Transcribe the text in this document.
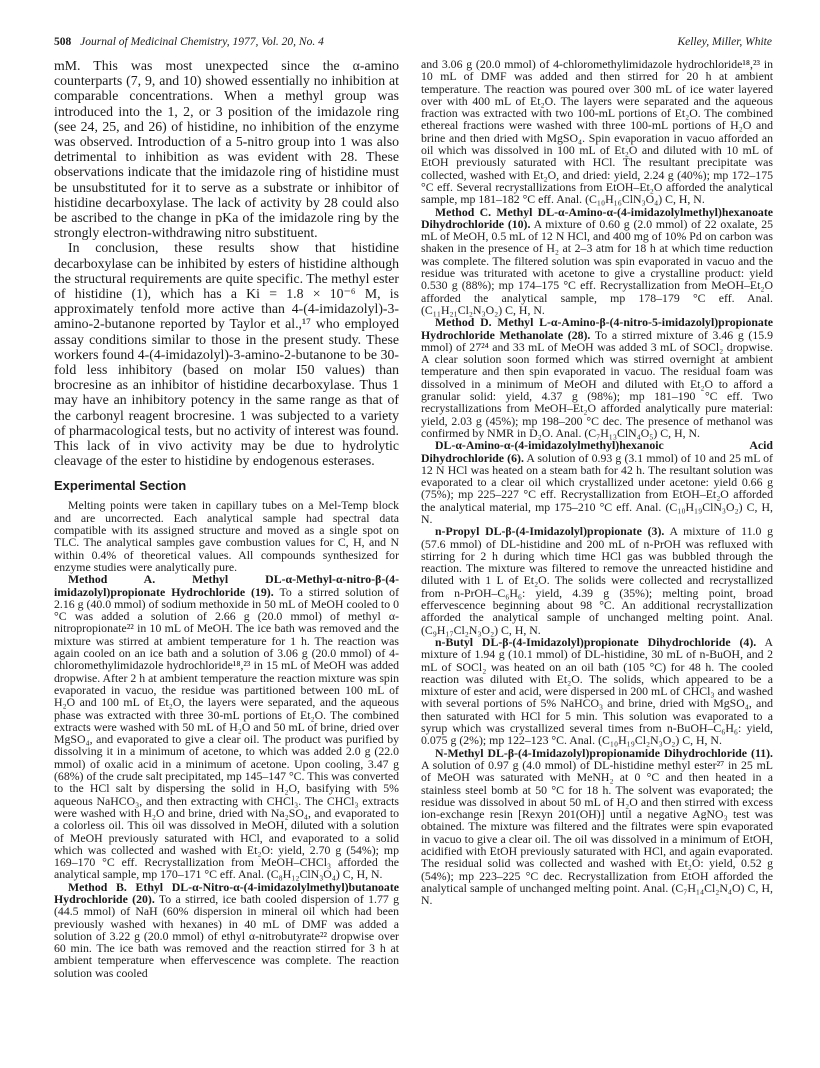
508 Journal of Medicinal Chemistry, 1977, Vol. 20, No. 4	Kelley, Miller, White

mM. This was most unexpected since the α-amino counterparts (7, 9, and 10) showed essentially no inhibition at comparable concentrations. When a methyl group was introduced into the 1, 2, or 3 position of the imidazole ring (see 24, 25, and 26) of histidine, no inhibition of the enzyme was observed. Introduction of a 5-nitro group into 1 was also detrimental to inhibition as was evident with 28. These observations indicate that the imidazole ring of histidine must be unsubstituted for it to serve as a substrate or inhibitor of histidine decarboxylase. The lack of activity by 28 could also be ascribed to the change in pKa of the imidazole ring by the strongly electron-withdrawing nitro substituent.

In conclusion, these results show that histidine decarboxylase can be inhibited by esters of histidine although the structural requirements are quite specific. The methyl ester of histidine (1), which has a Ki = 1.8 × 10⁻⁶ M, is approximately tenfold more active than 4-(4-imidazolyl)-3-amino-2-butanone reported by Taylor et al.,¹⁷ who employed assay conditions similar to those in the present study. These workers found 4-(4-imidazolyl)-3-amino-2-butanone to be 30-fold less inhibitory (based on molar I50 values) than brocresine as an inhibitor of histidine decarboxylase. Thus 1 may have an inhibitory potency in the same range as that of the carbonyl reagent brocresine. 1 was subjected to a variety of pharmacological tests, but no activity of interest was found. This lack of in vivo activity may be due to hydrolytic cleavage of the ester to histidine by endogenous esterases.

Experimental Section

Melting points were taken in capillary tubes on a Mel-Temp block and are uncorrected. Each analytical sample had spectral data compatible with its assigned structure and moved as a single spot on TLC. The analytical samples gave combustion values for C, H, and N within 0.4% of theoretical values. All compounds synthesized for enzyme studies were analytically pure.

Method A. Methyl DL-α-Methyl-α-nitro-β-(4-imidazolyl)propionate Hydrochloride (19). To a stirred solution of 2.16 g (40.0 mmol) of sodium methoxide in 50 mL of MeOH cooled to 0 °C was added a solution of 2.66 g (20.0 mmol) of methyl α-nitropropionate²² in 10 mL of MeOH. The ice bath was removed and the mixture was stirred at ambient temperature for 1 h. The reaction was again cooled on an ice bath and a solution of 3.06 g (20.0 mmol) of 4-chloromethylimidazole hydrochloride¹⁸,²³ in 15 mL of MeOH was added dropwise. After 2 h at ambient temperature the reaction mixture was spin evaporated in vacuo, the residue was partitioned between 100 mL of H₂O and 100 mL of Et₂O, the layers were separated, and the aqueous phase was extracted with three 30-mL portions of Et₂O. The combined extracts were washed with 50 mL of H₂O and 50 mL of brine, dried over MgSO₄, and evaporated to give a clear oil. The product was purified by dissolving it in a minimum of acetone, to which was added 2.0 g (22.0 mmol) of oxalic acid in a minimum of acetone. Upon cooling, 3.47 g (68%) of the crude salt precipitated, mp 145–147 °C. This was converted to the HCl salt by dispersing the solid in H₂O, basifying with 5% aqueous NaHCO₃, and then extracting with CHCl₃. The CHCl₃ extracts were washed with H₂O and brine, dried with Na₂SO₄, and evaporated to a colorless oil. This oil was dissolved in MeOH, diluted with a solution of MeOH previously saturated with HCl, and evaporated to a solid which was collected and washed with Et₂O: yield, 2.70 g (54%); mp 169–170 °C eff. Recrystallization from MeOH–CHCl₃ afforded the analytical sample, mp 170–171 °C eff. Anal. (C₈H₁₂ClN₃O₄) C, H, N.

Method B. Ethyl DL-α-Nitro-α-(4-imidazolylmethyl)butanoate Hydrochloride (20). To a stirred, ice bath cooled dispersion of 1.77 g (44.5 mmol) of NaH (60% dispersion in mineral oil which had been previously washed with hexanes) in 40 mL of DMF was added a solution of 3.22 g (20.0 mmol) of ethyl α-nitrobutyrate²² dropwise over 60 min. The ice bath was removed and the reaction stirred for 3 h at ambient temperature when effervescence was complete. The reaction solution was cooled

and 3.06 g (20.0 mmol) of 4-chloromethylimidazole hydrochloride¹⁸,²³ in 10 mL of DMF was added and then stirred for 20 h at ambient temperature. The reaction was poured over 300 mL of ice water layered over with 400 mL of Et₂O. The layers were separated and the aqueous fraction was extracted with two 100-mL portions of Et₂O. The combined ethereal fractions were washed with three 100-mL portions of H₂O and brine and then dried with MgSO₄. Spin evaporation in vacuo afforded an oil which was dissolved in 100 mL of Et₂O and diluted with 10 mL of EtOH previously saturated with HCl. The resultant precipitate was collected, washed with Et₂O, and dried: yield, 2.24 g (40%); mp 172–175 °C eff. Several recrystallizations from EtOH–Et₂O afforded the analytical sample, mp 181–182 °C eff. Anal. (C₁₀H₁₆ClN₃O₄) C, H, N.

Method C. Methyl DL-α-Amino-α-(4-imidazolylmethyl)hexanoate Dihydrochloride (10). A mixture of 0.60 g (2.0 mmol) of 22 oxalate, 25 mL of MeOH, 0.5 mL of 12 N HCl, and 400 mg of 10% Pd on carbon was shaken in the presence of H₂ at 2–3 atm for 18 h at which time reduction was complete. The filtered solution was spin evaporated in vacuo and the residue was triturated with acetone to give a crystalline product: yield 0.530 g (88%); mp 174–175 °C eff. Recrystallization from MeOH–Et₂O afforded the analytical sample, mp 178–179 °C eff. Anal. (C₁₁H₂₁Cl₂N₃O₂) C, H, N.

Method D. Methyl L-α-Amino-β-(4-nitro-5-imidazolyl)propionate Hydrochloride Methanolate (28). To a stirred mixture of 3.46 g (15.9 mmol) of 27²⁴ and 33 mL of MeOH was added 3 mL of SOCl₂ dropwise. A clear solution soon formed which was stirred overnight at ambient temperature and then spin evaporated in vacuo. The residual foam was dissolved in a minimum of MeOH and diluted with Et₂O to afford a granular solid: yield, 4.37 g (98%); mp 181–190 °C eff. Two recrystallizations from MeOH–Et₂O afforded analytically pure material: yield, 2.03 g (45%); mp 198–200 °C dec. The presence of methanol was confirmed by NMR in D₂O. Anal. (C₇H₁₃ClN₄O₅) C, H, N.

DL-α-Amino-α-(4-imidazolylmethyl)hexanoic Acid Dihydrochloride (6). A solution of 0.93 g (3.1 mmol) of 10 and 25 mL of 12 N HCl was heated on a steam bath for 42 h. The resultant solution was evaporated to a clear oil which crystallized under acetone: yield 0.66 g (75%); mp 225–227 °C eff. Recrystallization from EtOH–Et₂O afforded the analytical material, mp 175–210 °C eff. Anal. (C₁₀H₁₉ClN₃O₂) C, H, N.

n-Propyl DL-β-(4-Imidazolyl)propionate (3). A mixture of 11.0 g (57.6 mmol) of DL-histidine and 200 mL of n-PrOH was refluxed with stirring for 2 h during which time HCl gas was bubbled through the reaction. The mixture was filtered to remove the unreacted histidine and diluted with 1 L of Et₂O. The solids were collected and recrystallized from n-PrOH–C₆H₆: yield, 4.39 g (35%); melting point, broad effervescence beginning about 98 °C. An additional recrystallization afforded the analytical sample of unchanged melting point. Anal. (C₉H₁₇Cl₂N₃O₂) C, H, N.

n-Butyl DL-β-(4-Imidazolyl)propionate Dihydrochloride (4). A mixture of 1.94 g (10.1 mmol) of DL-histidine, 30 mL of n-BuOH, and 2 mL of SOCl₂ was heated on an oil bath (105 °C) for 48 h. The cooled reaction was diluted with Et₂O. The solids, which appeared to be a mixture of ester and acid, were dispersed in 200 mL of CHCl₃ and washed with several portions of 5% NaHCO₃ and brine, dried with MgSO₄, and then saturated with HCl for 5 min. This solution was evaporated to a syrup which was crystallized several times from n-BuOH–C₆H₆: yield, 0.075 g (2%); mp 122–123 °C. Anal. (C₁₀H₁₉Cl₂N₃O₂) C, H, N.

N-Methyl DL-β-(4-Imidazolyl)propionamide Dihydrochloride (11). A solution of 0.97 g (4.0 mmol) of DL-histidine methyl ester²⁷ in 25 mL of MeOH was saturated with MeNH₂ at 0 °C and then heated in a stainless steel bomb at 50 °C for 18 h. The solvent was evaporated; the residue was dissolved in about 50 mL of H₂O and then stirred with excess ion-exchange resin [Rexyn 201(OH)] until a negative AgNO₃ test was obtained. The mixture was filtered and the filtrates were spin evaporated in vacuo to give a clear oil. The oil was dissolved in a minimum of EtOH, acidified with EtOH previously saturated with HCl, and again evaporated. The residual solid was collected and washed with Et₂O: yield, 0.52 g (54%); mp 223–225 °C dec. Recrystallization from EtOH afforded the analytical sample of unchanged melting point. Anal. (C₇H₁₄Cl₂N₄O) C, H, N.
